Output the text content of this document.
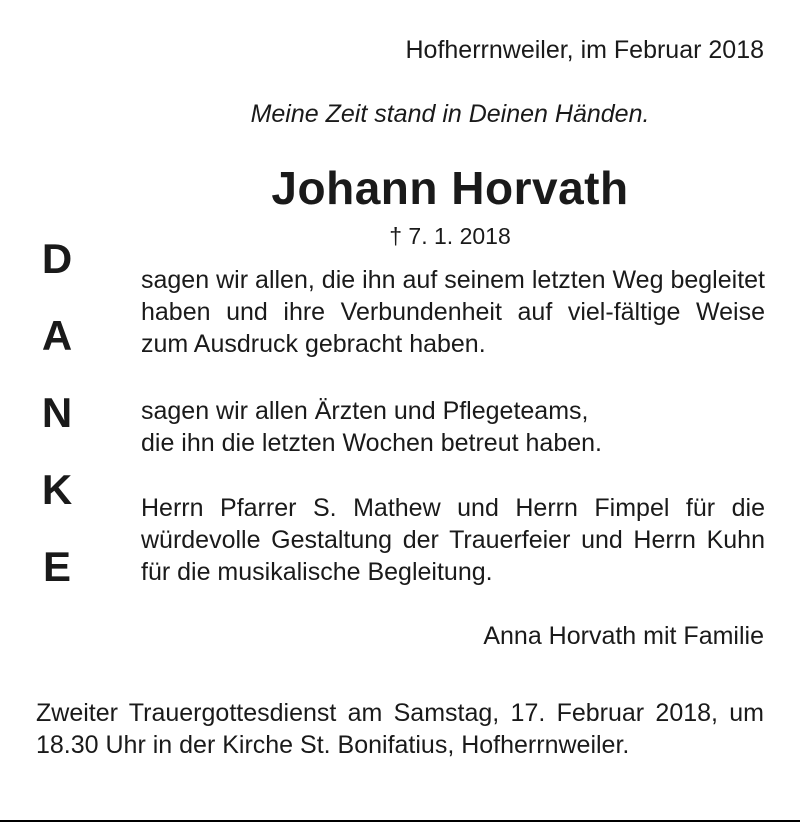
Hofherrnweiler, im Februar 2018
Meine Zeit stand in Deinen Händen.
Johann Horvath
† 7. 1. 2018
D
A
N
K
E
sagen wir allen, die ihn auf seinem letzten Weg begleitet haben und ihre Verbundenheit auf viel-fältige Weise zum Ausdruck gebracht haben.
sagen wir allen Ärzten und Pflegeteams,
die ihn die letzten Wochen betreut haben.
Herrn Pfarrer S. Mathew und Herrn Fimpel für die würdevolle Gestaltung der Trauerfeier und Herrn Kuhn für die musikalische Begleitung.
Anna Horvath mit Familie
Zweiter Trauergottesdienst am Samstag, 17. Februar 2018, um 18.30 Uhr in der Kirche St. Bonifatius, Hofherrnweiler.
